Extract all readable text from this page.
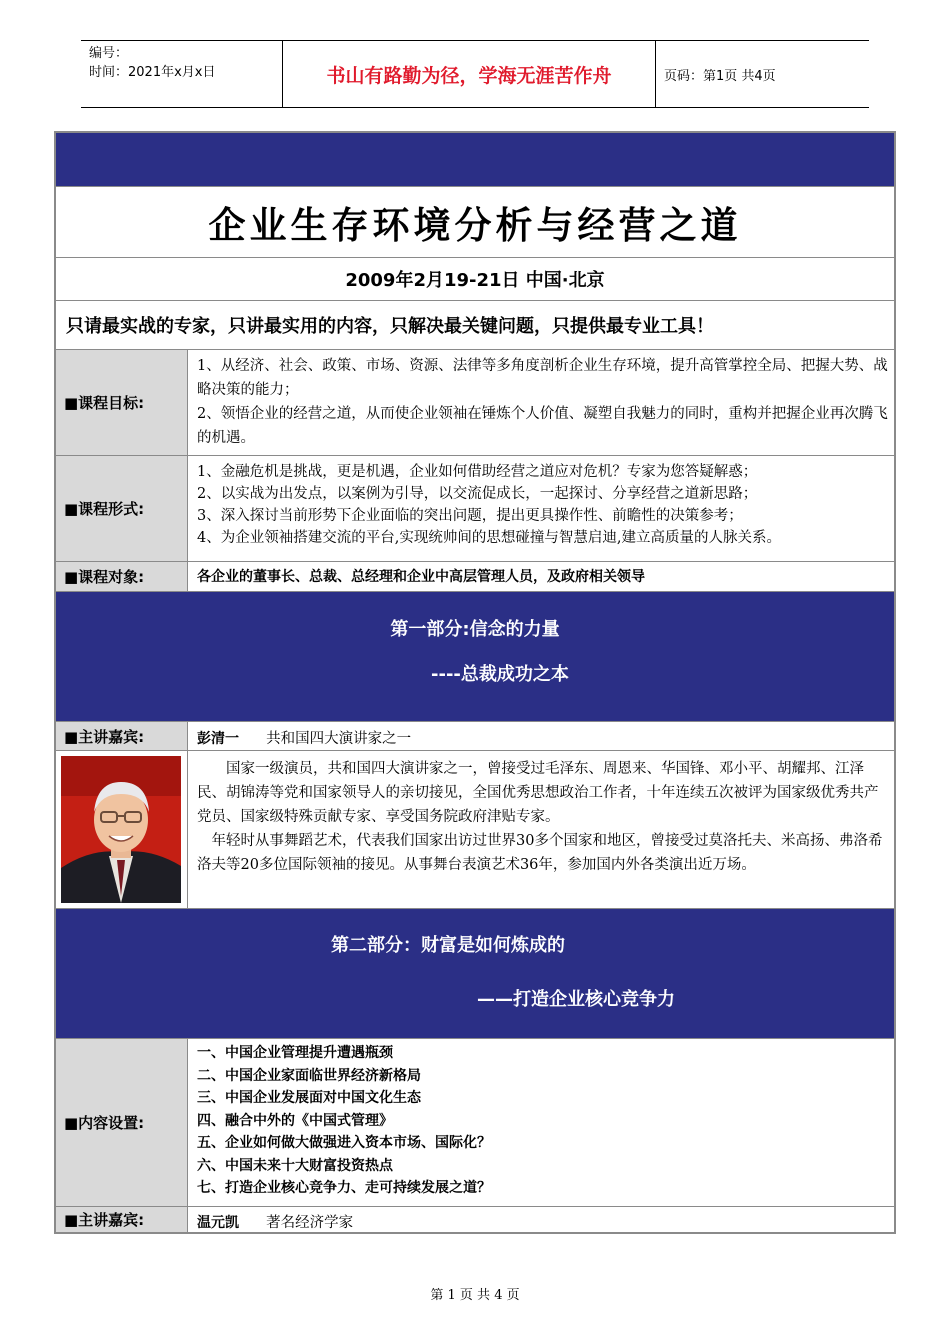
编号：
时间：2021年x月x日	书山有路勤为径，学海无涯苦作舟	页码：第1页 共4页
企业生存环境分析与经营之道
2009年2月19-21日 中国·北京
只请最实战的专家，只讲最实用的内容，只解决最关键问题，只提供最专业工具！
■课程目标:

1、从经济、社会、政策、市场、资源、法律等多角度剖析企业生存环境，提升高管掌控全局、把握大势、战略决策的能力；

2、领悟企业的经营之道，从而使企业领袖在锤炼个人价值、凝塑自我魅力的同时，重构并把握企业再次腾飞的机遇。

■课程形式:

1、金融危机是挑战，更是机遇，企业如何借助经营之道应对危机？专家为您答疑解惑；

2、以实战为出发点，以案例为引导，以交流促成长，一起探讨、分享经营之道新思路；

3、深入探讨当前形势下企业面临的突出问题，提出更具操作性、前瞻性的决策参考；

4、为企业领袖搭建交流的平台,实现统帅间的思想碰撞与智慧启迪,建立高质量的人脉关系。

■课程对象:	各企业的董事长、总裁、总经理和企业中高层管理人员，及政府相关领导

第一部分:信念的力量
----总裁成功之本
■主讲嘉宾:	彭清一 共和国四大演讲家之一

国家一级演员，共和国四大演讲家之一，曾接受过毛泽东、周恩来、华国锋、邓小平、胡耀邦、江泽民、胡锦涛等党和国家领导人的亲切接见，全国优秀思想政治工作者，十年连续五次被评为国家级优秀共产党员、国家级特殊贡献专家、享受国务院政府津贴专家。

年轻时从事舞蹈艺术，代表我们国家出访过世界30多个国家和地区，曾接受过莫洛托夫、米高扬、弗洛希洛夫等20多位国际领袖的接见。从事舞台表演艺术36年，参加国内外各类演出近万场。

第二部分：财富是如何炼成的
——打造企业核心竞争力
■内容设置:

一、中国企业管理提升遭遇瓶颈

二、中国企业家面临世界经济新格局

三、中国企业发展面对中国文化生态

四、融合中外的《中国式管理》

五、企业如何做大做强进入资本市场、国际化？

六、中国未来十大财富投资热点

七、打造企业核心竞争力、走可持续发展之道？

■主讲嘉宾:	温元凯 著名经济学家
第 1 页 共 4 页
